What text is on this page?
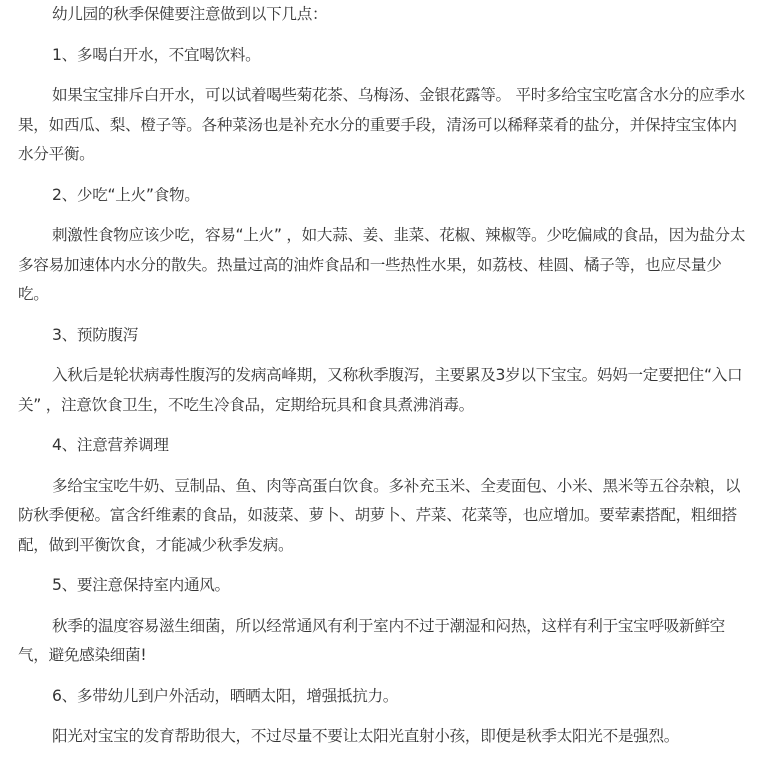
幼儿园的秋季保健要注意做到以下几点：

1、多喝白开水，不宜喝饮料。

如果宝宝排斥白开水，可以试着喝些菊花茶、乌梅汤、金银花露等。 平时多给宝宝吃富含水分的应季水果，如西瓜、梨、橙子等。各种菜汤也是补充水分的重要手段，清汤可以稀释菜肴的盐分，并保持宝宝体内水分平衡。

2、少吃“上火”食物。

刺激性食物应该少吃，容易“上火” ，如大蒜、姜、韭菜、花椒、辣椒等。少吃偏咸的食品，因为盐分太多容易加速体内水分的散失。热量过高的油炸食品和一些热性水果，如荔枝、桂圆、橘子等，也应尽量少吃。

3、预防腹泻

入秋后是轮状病毒性腹泻的发病高峰期，又称秋季腹泻，主要累及3岁以下宝宝。妈妈一定要把住“入口关” ，注意饮食卫生，不吃生冷食品，定期给玩具和食具煮沸消毒。

4、注意营养调理

多给宝宝吃牛奶、豆制品、鱼、肉等高蛋白饮食。多补充玉米、全麦面包、小米、黑米等五谷杂粮，以防秋季便秘。富含纤维素的食品，如菠菜、萝卜、胡萝卜、芹菜、花菜等，也应增加。要荤素搭配，粗细搭配，做到平衡饮食，才能减少秋季发病。

5、要注意保持室内通风。

秋季的温度容易滋生细菌，所以经常通风有利于室内不过于潮湿和闷热，这样有利于宝宝呼吸新鲜空气，避免感染细菌!

6、多带幼儿到户外活动，晒晒太阳，增强抵抗力。

阳光对宝宝的发育帮助很大，不过尽量不要让太阳光直射小孩，即便是秋季太阳光不是强烈。
